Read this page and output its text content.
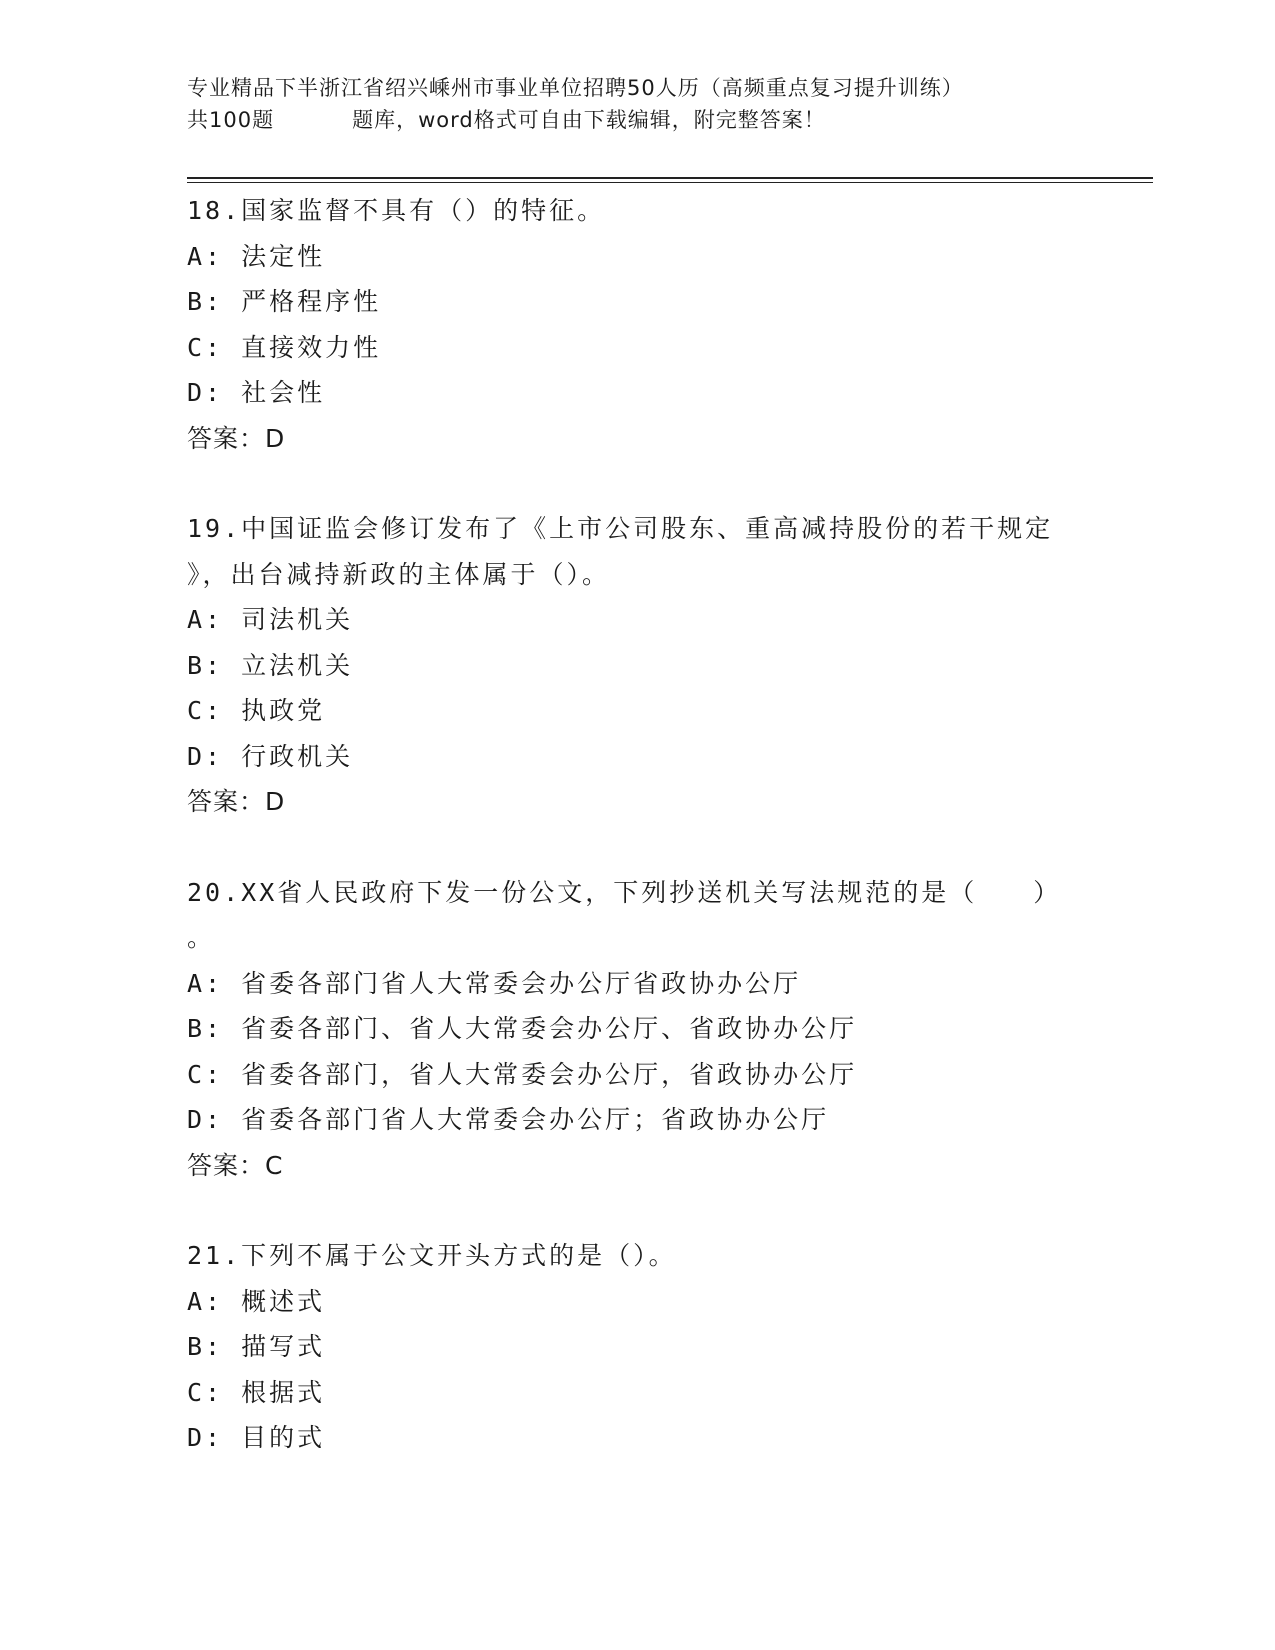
专业精品下半浙江省绍兴嵊州市事业单位招聘50人历（高频重点复习提升训练）
共100题	题库，word格式可自由下载编辑，附完整答案！
18.国家监督不具有（）的特征。
A: 法定性
B: 严格程序性
C: 直接效力性
D: 社会性
答案：D
19.中国证监会修订发布了《上市公司股东、重高减持股份的若干规定
》，出台减持新政的主体属于（）。
A: 司法机关
B: 立法机关
C: 执政党
D: 行政机关
答案：D
20.XX省人民政府下发一份公文，下列抄送机关写法规范的是（　　）
。
A: 省委各部门省人大常委会办公厅省政协办公厅
B: 省委各部门、省人大常委会办公厅、省政协办公厅
C: 省委各部门，省人大常委会办公厅，省政协办公厅
D: 省委各部门省人大常委会办公厅；省政协办公厅
答案：C
21.下列不属于公文开头方式的是（）。
A: 概述式
B: 描写式
C: 根据式
D: 目的式
